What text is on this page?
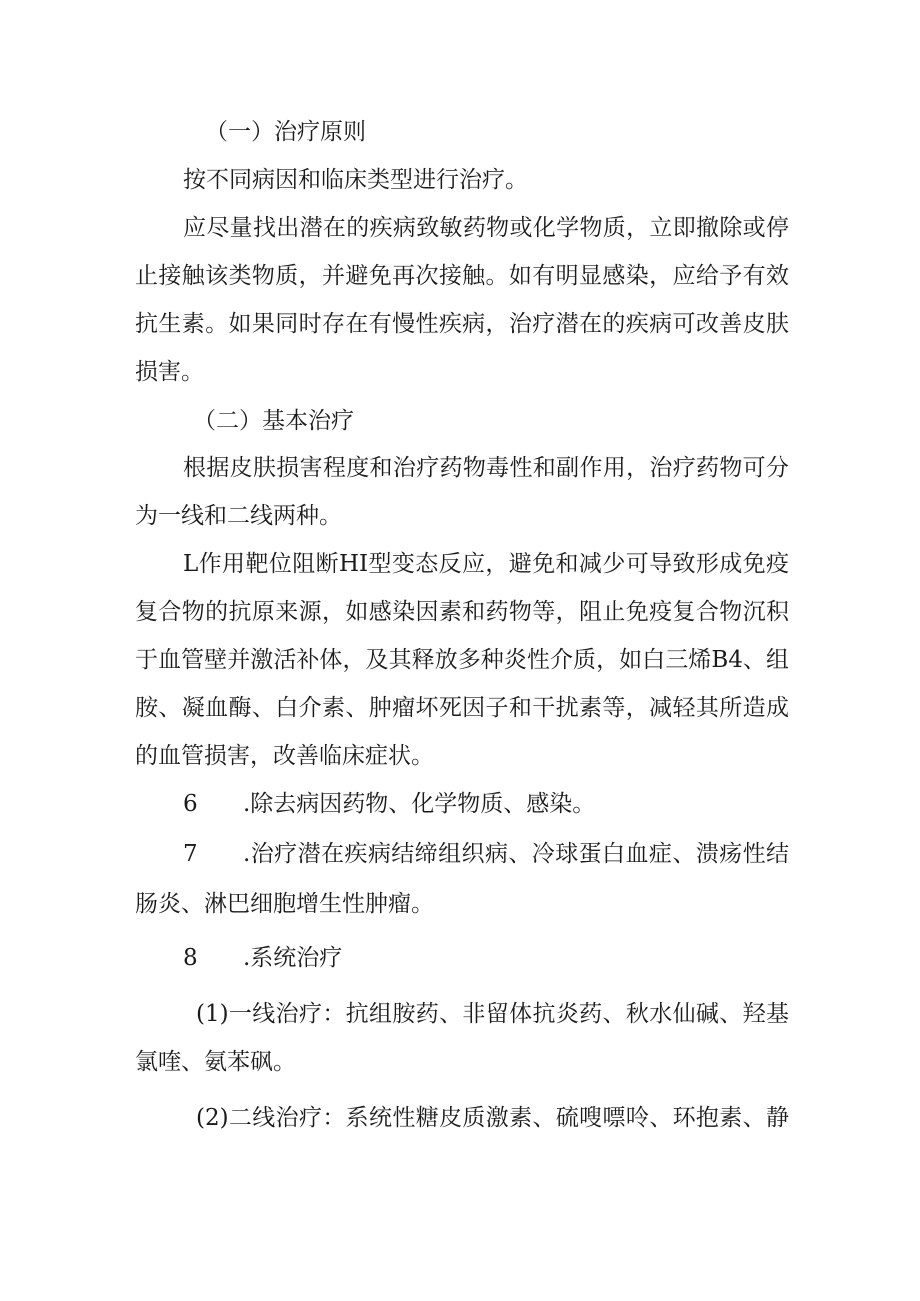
（一）治疗原则
按不同病因和临床类型进行治疗。
应尽量找出潜在的疾病致敏药物或化学物质，立即撤除或停
止接触该类物质，并避免再次接触。如有明显感染，应给予有效
抗生素。如果同时存在有慢性疾病，治疗潜在的疾病可改善皮肤
损害。
（二）基本治疗
根据皮肤损害程度和治疗药物毒性和副作用，治疗药物可分
为一线和二线两种。
L作用靶位阻断HI型变态反应，避免和减少可导致形成免疫
复合物的抗原来源，如感染因素和药物等，阻止免疫复合物沉积
于血管壁并激活补体，及其释放多种炎性介质，如白三烯B4、组
胺、凝血酶、白介素、肿瘤坏死因子和干扰素等，减轻其所造成
的血管损害，改善临床症状。
6 .除去病因药物、化学物质、感染。
7 .治疗潜在疾病结缔组织病、冷球蛋白血症、溃疡性结
肠炎、淋巴细胞增生性肿瘤。
8 .系统治疗
(1)一线治疗：抗组胺药、非留体抗炎药、秋水仙碱、羟基
氯喹、氨苯砜。
(2)二线治疗：系统性糖皮质激素、硫嗖嘌呤、环抱素、静
